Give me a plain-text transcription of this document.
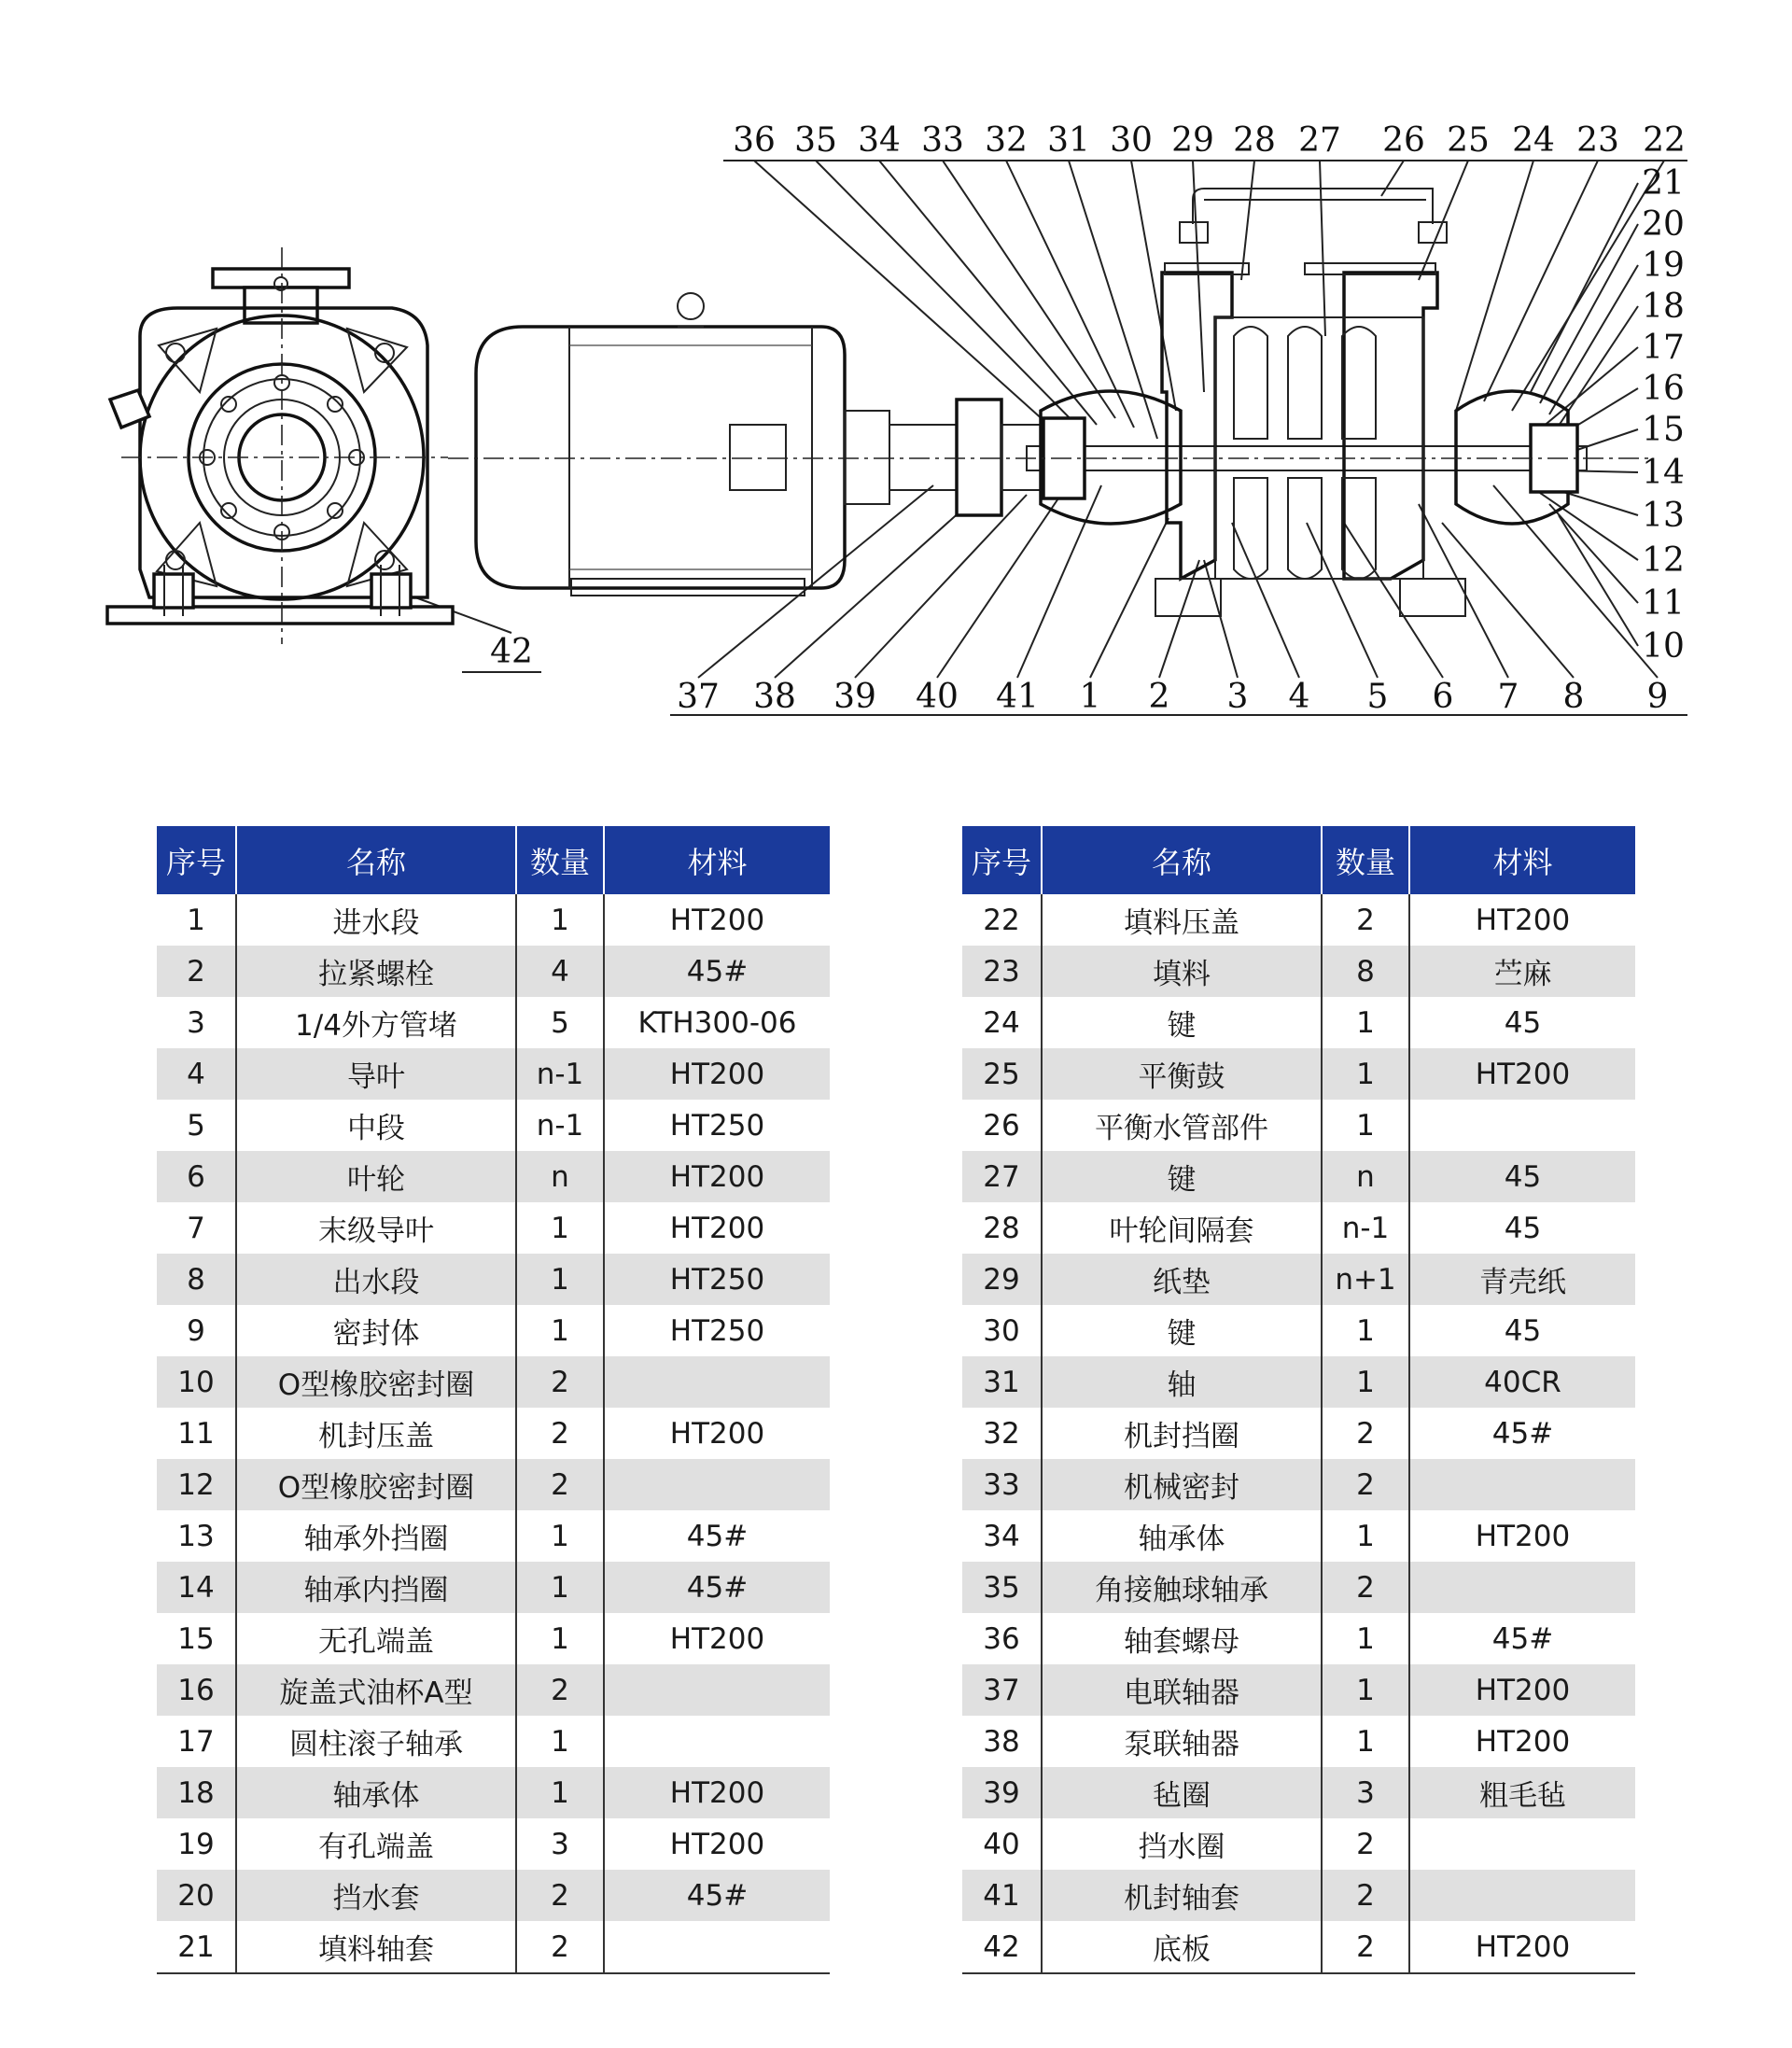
36 35 34 33 32 31 30 29 28 27 26 25 24 23 22
21
20
19
18
17
16
15
14
13
12
11
10
37 38 39 40 41 1 2 3 4 5 6 7 8 9
42
序号	名称	数量	材料
1	进水段	1	HT200
2	拉紧螺栓	4	45#
3	1/4外方管堵	5	KTH300-06
4	导叶	n-1	HT200
5	中段	n-1	HT250
6	叶轮	n	HT200
7	末级导叶	1	HT200
8	出水段	1	HT250
9	密封体	1	HT250
10	O型橡胶密封圈	2	
11	机封压盖	2	HT200
12	O型橡胶密封圈	2	
13	轴承外挡圈	1	45#
14	轴承内挡圈	1	45#
15	无孔端盖	1	HT200
16	旋盖式油杯A型	2	
17	圆柱滚子轴承	1	
18	轴承体	1	HT200
19	有孔端盖	3	HT200
20	挡水套	2	45#
21	填料轴套	2	
序号	名称	数量	材料
22	填料压盖	2	HT200
23	填料	8	苎麻
24	键	1	45
25	平衡鼓	1	HT200
26	平衡水管部件	1	
27	键	n	45
28	叶轮间隔套	n-1	45
29	纸垫	n+1	青壳纸
30	键	1	45
31	轴	1	40CR
32	机封挡圈	2	45#
33	机械密封	2	
34	轴承体	1	HT200
35	角接触球轴承	2	
36	轴套螺母	1	45#
37	电联轴器	1	HT200
38	泵联轴器	1	HT200
39	毡圈	3	粗毛毡
40	挡水圈	2	
41	机封轴套	2	
42	底板	2	HT200
